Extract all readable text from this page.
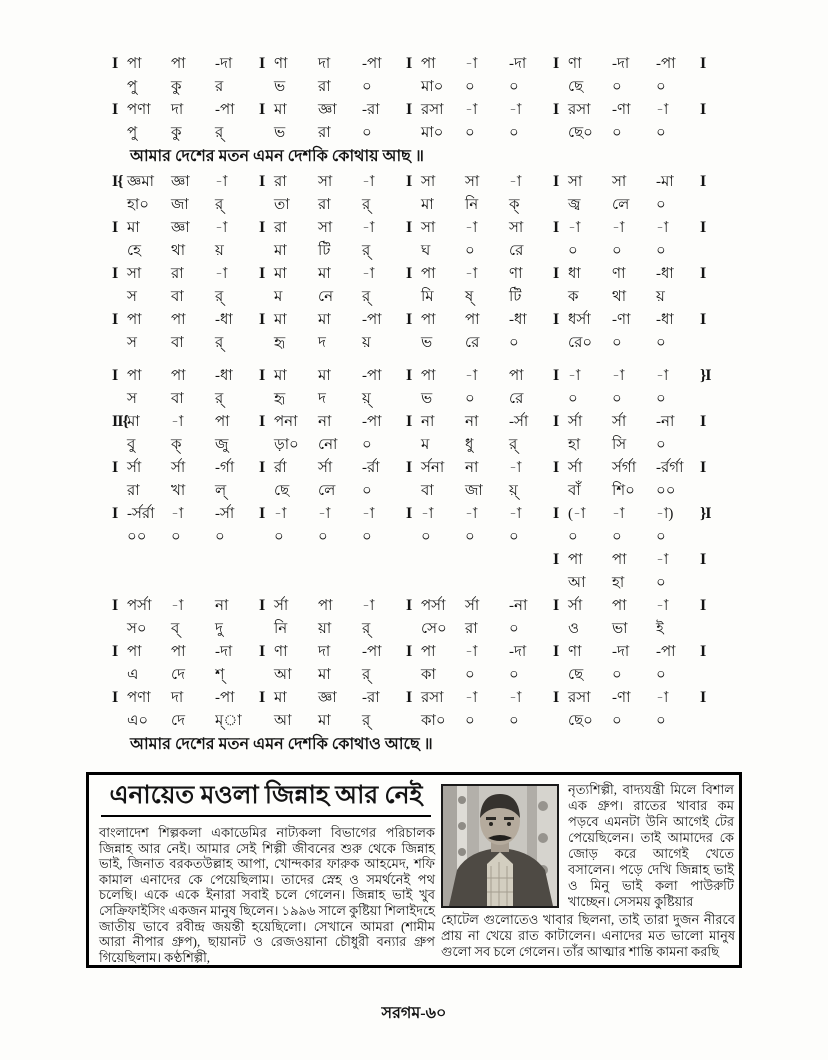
I পা	পা	-দা	I ণা	দা	-পা	I পা	-া	-দা	I ণা	-দা	-পা	I
পু	কু	র	ভ	রা	০	মা০	০	০	ছে	০	০
I পণা	দা	-পা	I মা	জ্ঞা	-রা	I রসা	-া	-া	I রসা	-ণা	-া	I
পু	কু	র্	ভ	রা	০	মা০	০	০	ছে০	০	০
আমার দেশের মতন এমন দেশকি কোথায় আছ ॥
I{ জ্ঞমা	জ্ঞা	-া	I রা	সা	-া	I সা	সা	-া	I সা	সা	-মা	I
হা০	জা	র্	তা	রা	র্	মা	নি	ক্	জ্ব	লে	০
I মা	জ্ঞা	-া	I রা	সা	-া	I সা	-া	সা	I -া	-া	-া	I
হে	থা	য়	মা	টি	র্	ঘ	০	রে	০	০	০
I সা	রা	-া	I মা	মা	-া	I পা	-া	ণা	I ধা	ণা	-ধা	I
স	বা	র্	ম	নে	র্	মি	ষ্	টি	ক	থা	য়
I পা	পা	-ধা	I মা	মা	-পা	I পা	পা	-ধা	I ধর্সা	-ণা	-ধা	I
স	বা	র্	হৃ	দ	য়	ভ	রে	০	রে০	০	০
I পা	পা	-ধা	I মা	মা	-পা	I পা	-া	পা	I -া	-া	-া	}I
স	বা	র্	হৃ	দ	য়্	ভ	০	রে	০	০	০
II{ মা	-া	পা	I পনা	না	-পা	I না	না	-র্সা	I র্সা	র্সা	-না	I
বু	ক্	জু	ড়া০	নো	০	ম	ধু	র্	হা	সি	০
I র্সা	র্সা	-র্গা	I র্রা	র্সা	-র্রা	I র্সনা	না	-া	I র্সা	র্সর্গা	-র্রর্গা	I
রা	খা	ল্	ছে	লে	০	বা	জা	য়্	বাঁ	শি০	০০
I -র্সর্রা	-া	-র্সা	I -া	-া	-া	I -া	-া	-া	I (-া	-া	-া)	}I
০০	০	০	০	০	০	০	০	০	০	০	০
I পা	পা	-া	I
আ	হা	০
I পর্সা	-া	না	I র্সা	পা	-া	I পর্সা	র্সা	-না	I র্সা	পা	-া	I
স০	ব্	দু	নি	য়া	র্	সে০	রা	০	ও	ভা	ই
I পা	পা	-দা	I ণা	দা	-পা	I পা	-া	-দা	I ণা	-দা	-পা	I
এ	দে	শ্	আ	মা	র্	কা	০	০	ছে	০	০
I পণা	দা	-পা	I মা	জ্ঞা	-রা	I রসা	-া	-া	I রসা	-ণা	-া	I
এ০	দে	ম্া	আ	মা	র্	কা০	০	০	ছে০	০	০
আমার দেশের মতন এমন দেশকি কোথাও আছে ॥
এনায়েত মওলা জিন্নাহ আর নেই
বাংলাদেশ শিল্পকলা একাডেমির নাট্যকলা বিভাগের পরিচালক জিন্নাহ আর নেই। আমার সেই শিল্পী জীবনের শুরু থেকে জিন্নাহ ভাই, জিনাত বরকতউল্লাহ আপা, খোন্দকার ফারুক আহমেদ, শফি কামাল এনাদের কে পেয়েছিলাম। তাদের স্নেহ ও সমর্থনেই পথ চলেছি। একে একে ইনারা সবাই চলে গেলেন। জিন্নাহ ভাই খুব সেক্রিফাইসিং একজন মানুষ ছিলেন। ১৯৯৬ সালে কুষ্টিয়া শিলাইদহে জাতীয় ভাবে রবীন্দ্র জয়ন্তী হয়েছিলো। সেখানে আমরা (শামীম আরা নীপার গ্রুপ), ছায়ানট ও রেজওয়ানা চৌধুরী বন্যার গ্রুপ গিয়েছিলাম। কণ্ঠশিল্পী,
নৃত্যশিল্পী, বাদ্যযন্ত্রী মিলে বিশাল এক গ্রুপ। রাতের খাবার কম পড়বে এমনটা উনি আগেই টের পেয়েছিলেন। তাই আমাদের কে জোড় করে আগেই খেতে বসালেন। পড়ে দেখি জিন্নাহ ভাই ও মিনু ভাই কলা পাউরুটি খাচ্ছেন। সেসময় কুষ্টিয়ার
হোটেল গুলোতেও খাবার ছিলনা, তাই তারা দুজন নীরবে প্রায় না খেয়ে রাত কাটালেন। এনাদের মত ভালো মানুষ গুলো সব চলে গেলেন। তাঁর আত্মার শান্তি কামনা করছি
সরগম-৬০
